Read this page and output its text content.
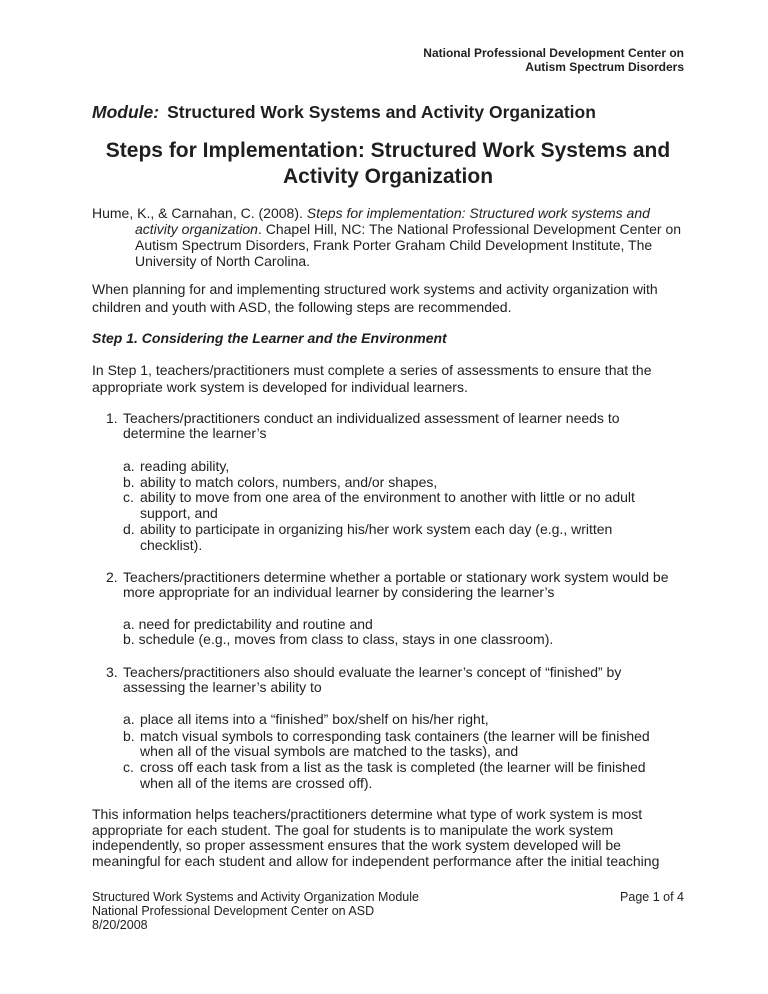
National Professional Development Center on
Autism Spectrum Disorders
Module: Structured Work Systems and Activity Organization
Steps for Implementation: Structured Work Systems and
Activity Organization
Hume, K., & Carnahan, C. (2008). Steps for implementation: Structured work systems and
activity organization. Chapel Hill, NC: The National Professional Development Center on
Autism Spectrum Disorders, Frank Porter Graham Child Development Institute, The
University of North Carolina.
When planning for and implementing structured work systems and activity organization with
children and youth with ASD, the following steps are recommended.
Step 1. Considering the Learner and the Environment
In Step 1, teachers/practitioners must complete a series of assessments to ensure that the
appropriate work system is developed for individual learners.
1. Teachers/practitioners conduct an individualized assessment of learner needs to
determine the learner’s
a. reading ability,
b. ability to match colors, numbers, and/or shapes,
c. ability to move from one area of the environment to another with little or no adult
support, and
d. ability to participate in organizing his/her work system each day (e.g., written
checklist).
2. Teachers/practitioners determine whether a portable or stationary work system would be
more appropriate for an individual learner by considering the learner’s
a. need for predictability and routine and
b. schedule (e.g., moves from class to class, stays in one classroom).
3. Teachers/practitioners also should evaluate the learner’s concept of “finished” by
assessing the learner’s ability to
a. place all items into a “finished” box/shelf on his/her right,
b. match visual symbols to corresponding task containers (the learner will be finished
when all of the visual symbols are matched to the tasks), and
c. cross off each task from a list as the task is completed (the learner will be finished
when all of the items are crossed off).
This information helps teachers/practitioners determine what type of work system is most
appropriate for each student. The goal for students is to manipulate the work system
independently, so proper assessment ensures that the work system developed will be
meaningful for each student and allow for independent performance after the initial teaching
Structured Work Systems and Activity Organization Module
National Professional Development Center on ASD
8/20/2008
Page 1 of 4
